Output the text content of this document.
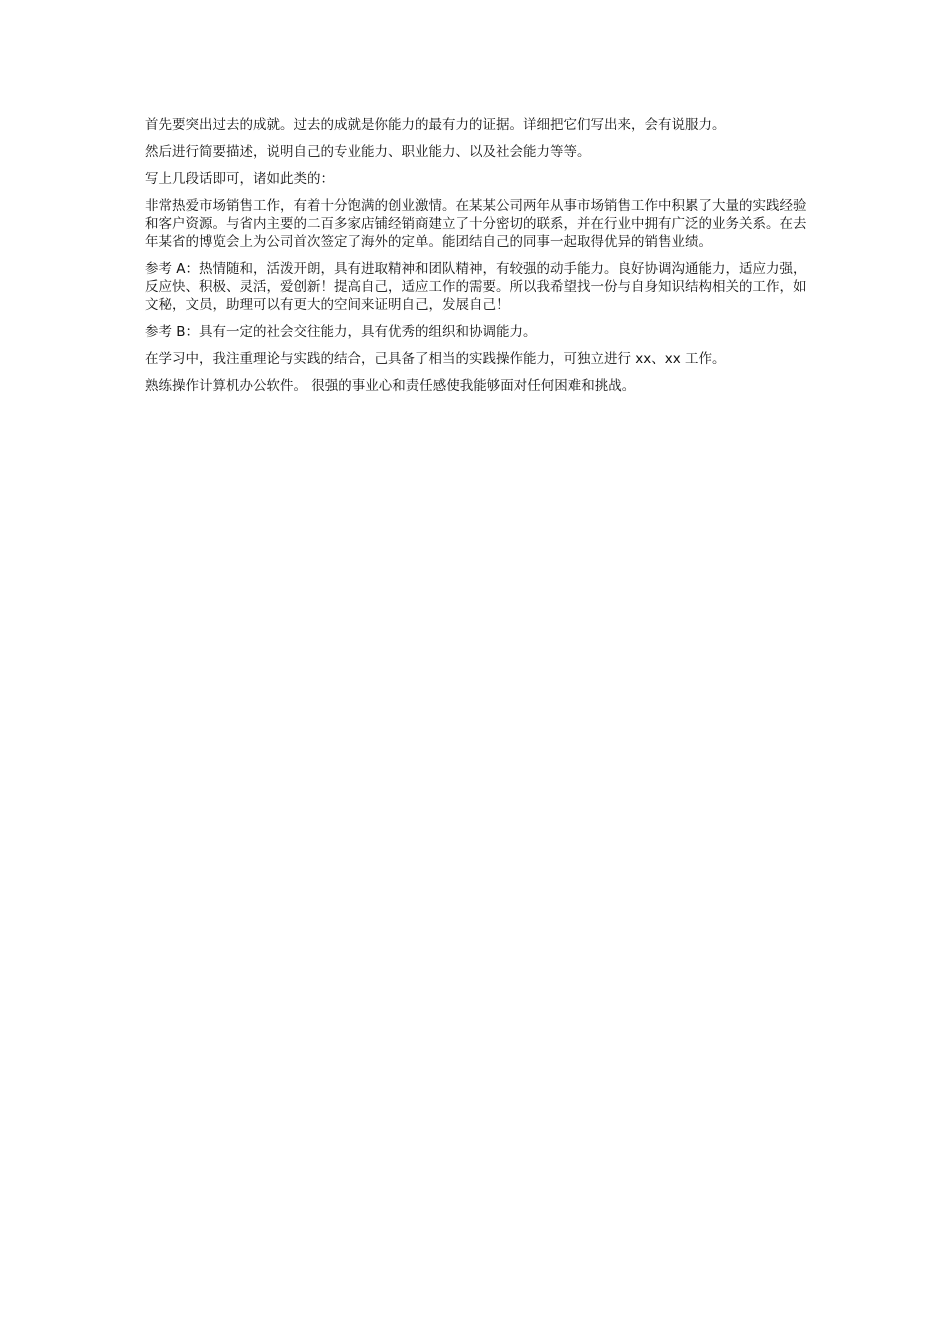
首先要突出过去的成就。过去的成就是你能力的最有力的证据。详细把它们写出来，会有说服力。

然后进行简要描述，说明自己的专业能力、职业能力、以及社会能力等等。

写上几段话即可，诸如此类的：

非常热爱市场销售工作，有着十分饱满的创业激情。在某某公司两年从事市场销售工作中积累了大量的实践经验和客户资源。与省内主要的二百多家店铺经销商建立了十分密切的联系，并在行业中拥有广泛的业务关系。在去年某省的博览会上为公司首次签定了海外的定单。能团结自己的同事一起取得优异的销售业绩。

参考 A：热情随和，活泼开朗，具有进取精神和团队精神，有较强的动手能力。良好协调沟通能力，适应力强，反应快、积极、灵活，爱创新！提高自己，适应工作的需要。所以我希望找一份与自身知识结构相关的工作，如文秘，文员，助理可以有更大的空间来证明自己，发展自己！

参考 B：具有一定的社会交往能力，具有优秀的组织和协调能力。

在学习中，我注重理论与实践的结合，己具备了相当的实践操作能力，可独立进行 xx、xx 工作。

熟练操作计算机办公软件。 很强的事业心和责任感使我能够面对任何困难和挑战。
